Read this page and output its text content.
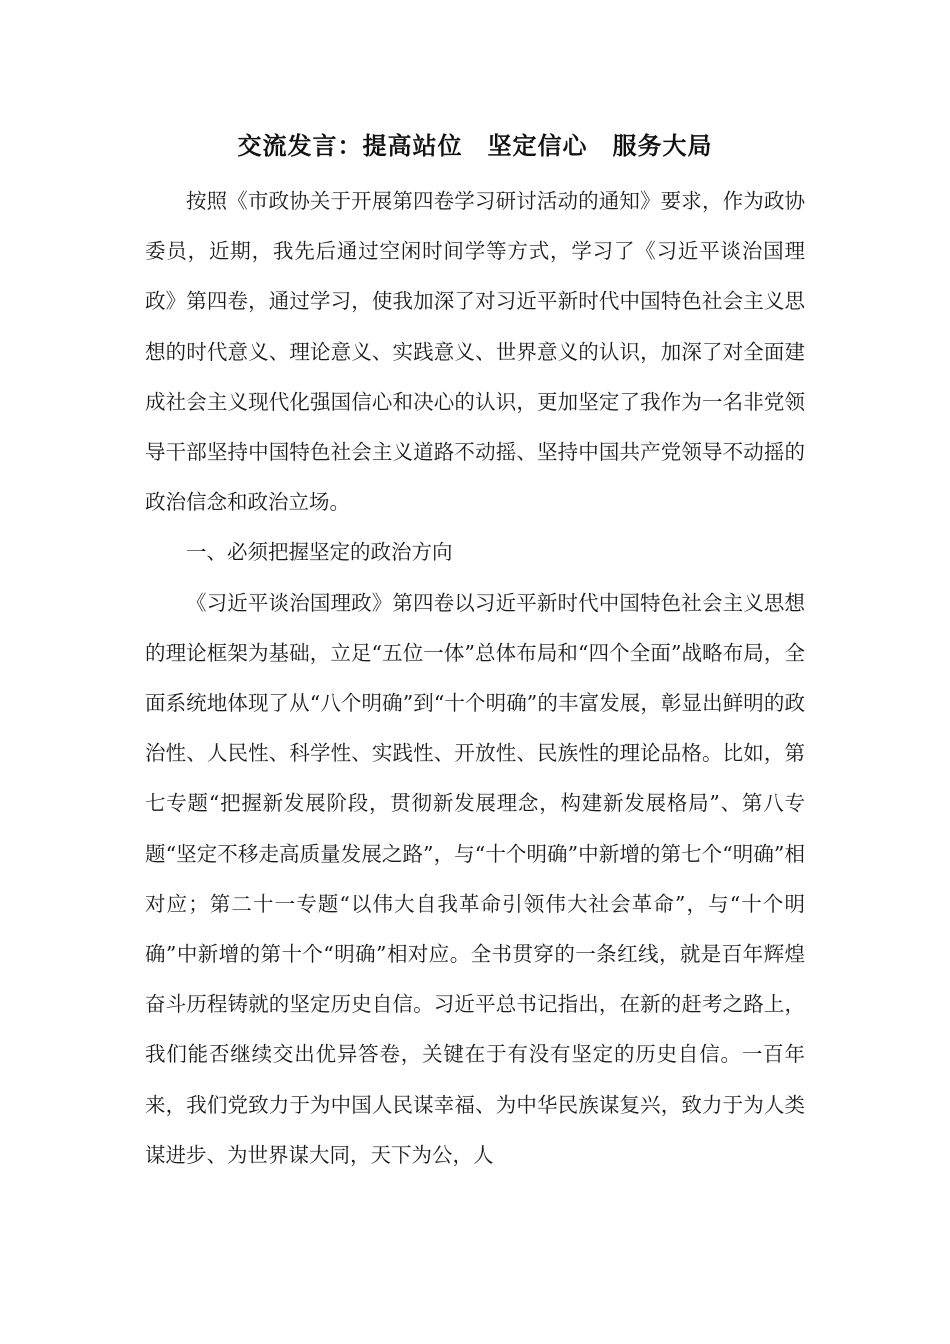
交流发言：提高站位　坚定信心　服务大局

按照《市政协关于开展第四卷学习研讨活动的通知》要求，作为政协委员，近期，我先后通过空闲时间学等方式，学习了《习近平谈治国理政》第四卷，通过学习，使我加深了对习近平新时代中国特色社会主义思想的时代意义、理论意义、实践意义、世界意义的认识，加深了对全面建成社会主义现代化强国信心和决心的认识，更加坚定了我作为一名非党领导干部坚持中国特色社会主义道路不动摇、坚持中国共产党领导不动摇的政治信念和政治立场。

一、必须把握坚定的政治方向

《习近平谈治国理政》第四卷以习近平新时代中国特色社会主义思想的理论框架为基础，立足“五位一体”总体布局和“四个全面”战略布局，全面系统地体现了从“八个明确”到“十个明确”的丰富发展，彰显出鲜明的政治性、人民性、科学性、实践性、开放性、民族性的理论品格。比如，第七专题“把握新发展阶段，贯彻新发展理念，构建新发展格局”、第八专题“坚定不移走高质量发展之路”，与“十个明确”中新增的第七个“明确”相对应；第二十一专题“以伟大自我革命引领伟大社会革命”，与“十个明确”中新增的第十个“明确”相对应。全书贯穿的一条红线，就是百年辉煌奋斗历程铸就的坚定历史自信。习近平总书记指出，在新的赶考之路上，我们能否继续交出优异答卷，关键在于有没有坚定的历史自信。一百年来，我们党致力于为中国人民谋幸福、为中华民族谋复兴，致力于为人类谋进步、为世界谋大同，天下为公，人
